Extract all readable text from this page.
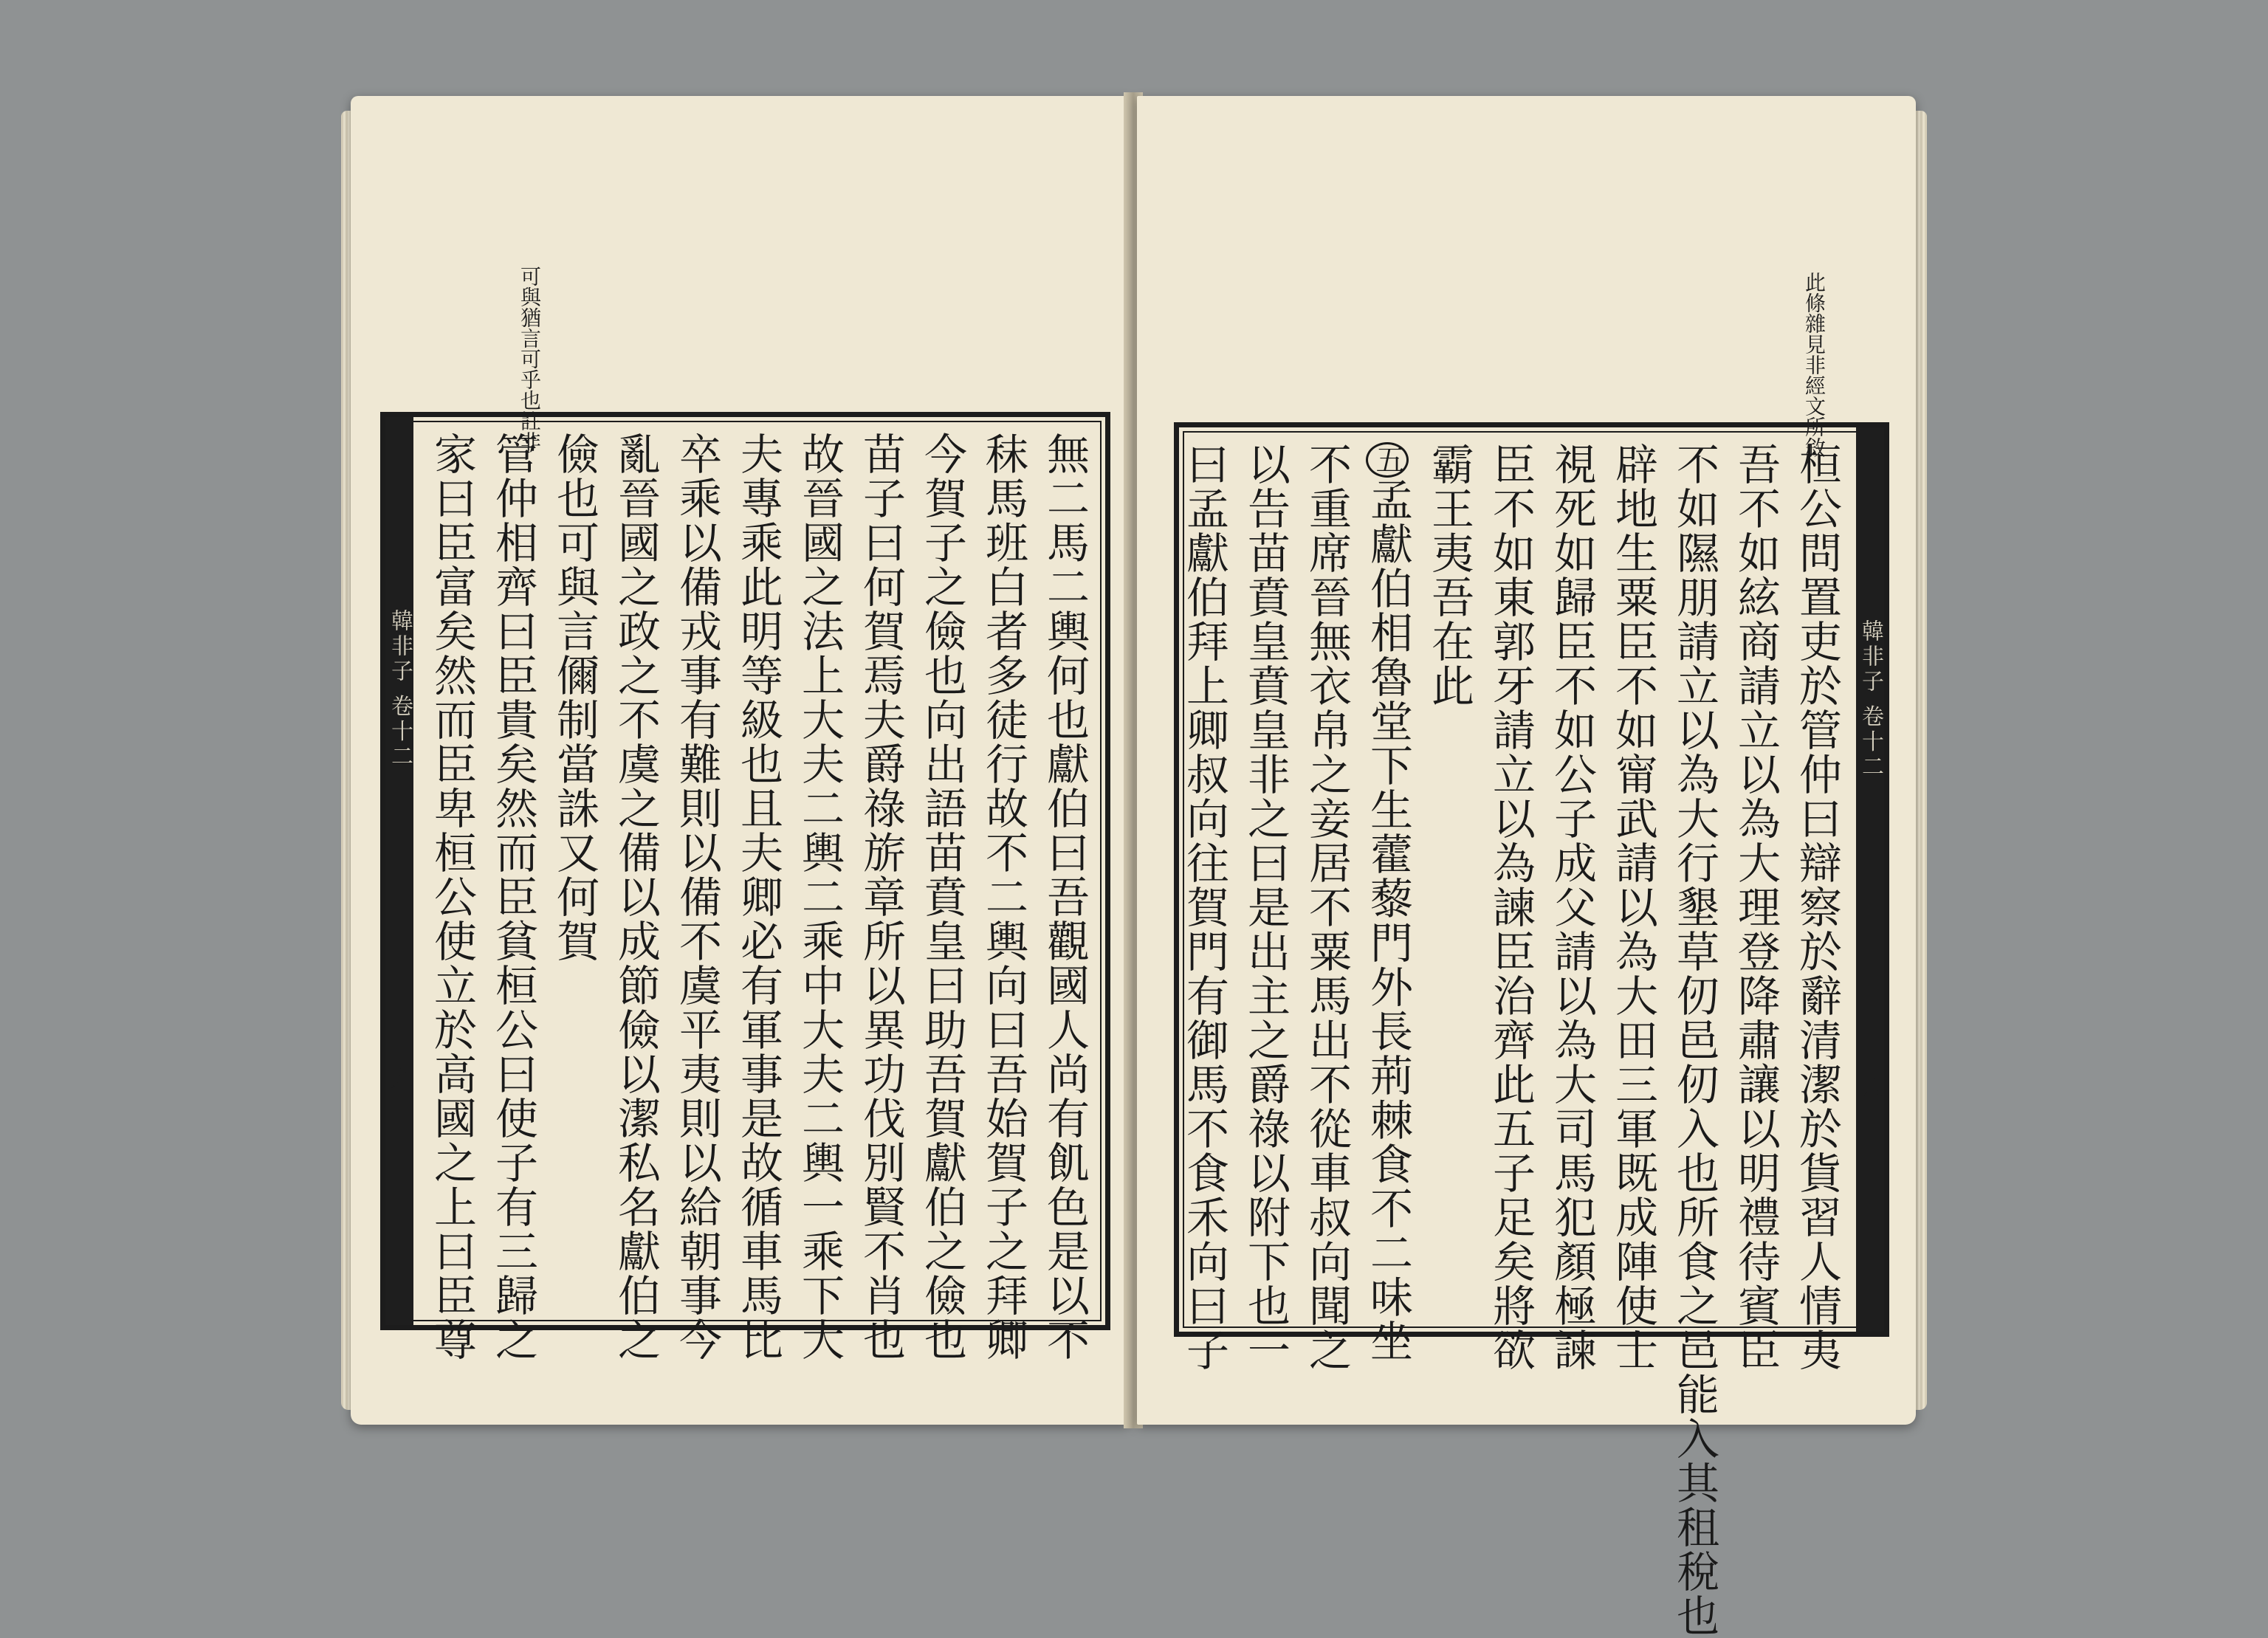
可與猶言可乎也註非
韓非子 卷十二
九	無二馬二輿何也獻伯曰吾觀國人尚有飢色是以不
秣馬班白者多徒行故不二輿向曰吾始賀子之拜卿
今賀子之儉也向出語苗賁皇曰助吾賀獻伯之儉也
苗子曰何賀焉夫爵祿旂章所以異功伐別賢不肖也
故晉國之法上大夫二輿二乘中大夫二輿一乘下大
夫專乘此明等級也且夫卿必有軍事是故循車馬比
卒乘以備戎事有難則以備不虞平夷則以給朝事今
亂晉國之政之不虞之備以成節儉以潔私名獻伯之
儉也可與言儞制當誅又何賀
管仲相齊曰臣貴矣然而臣貧桓公曰使子有三歸之
家曰臣富矣然而臣卑桓公使立於高國之上曰臣尊
此條雜見非經文所敘
韓非子 卷十二
八
桓公問置吏於管仲曰辯察於辭清潔於貨習人情夷
吾不如絃商請立以為大理登降肅讓以明禮待賓臣
不如隰朋請立以為大行墾草仞邑仞入也所食之邑能入其租稅也
辟地生粟臣不如甯武請以為大田三軍既成陣使士
視死如歸臣不如公子成父請以為大司馬犯顏極諫
臣不如東郭牙請立以為諫臣治齊此五子足矣將欲
霸王夷吾在此
五孟獻伯相魯堂下生藿藜門外長荊棘食不二味坐
不重席晉無衣帛之妾居不粟馬出不從車叔向聞之
以告苗賁皇賁皇非之曰是出主之爵祿以附下也一
曰孟獻伯拜上卿叔向往賀門有御馬不食禾向曰子
